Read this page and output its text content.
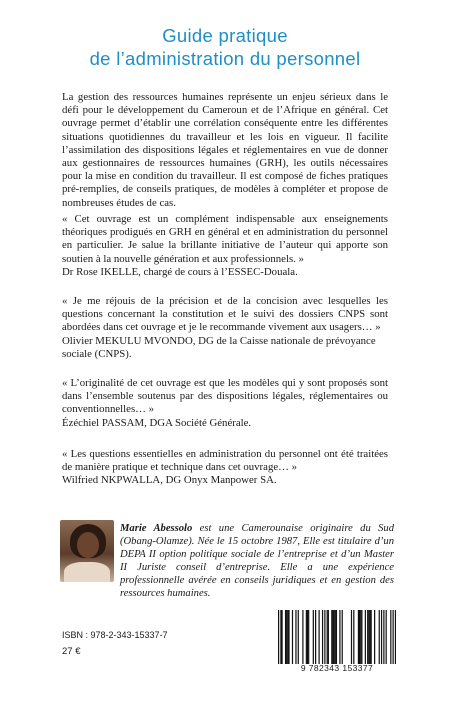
Guide pratique
de l’administration du personnel

La gestion des ressources humaines représente un enjeu sérieux dans le défi pour le développement du Cameroun et de l’Afrique en général. Cet ouvrage permet d’établir une corrélation conséquente entre les différentes situations quotidiennes du travailleur et les lois en vigueur. Il facilite l’assimilation des dispositions légales et réglementaires en vue de donner aux gestionnaires de ressources humaines (GRH), les outils nécessaires pour la mise en condition du travailleur. Il est composé de fiches pratiques pré-remplies, de conseils pratiques, de modèles à compléter et propose de nombreuses études de cas.

« Cet ouvrage est un complément indispensable aux enseignements théoriques prodigués en GRH en général et en administration du personnel en particulier. Je salue la brillante initiative de l’auteur qui apporte son soutien à la nouvelle génération et aux professionnels. »

Dr Rose IKELLE, chargé de cours à l’ESSEC-Douala.

« Je me réjouis de la précision et de la concision avec lesquelles les questions concernant la constitution et le suivi des dossiers CNPS sont abordées dans cet ouvrage et je le recommande vivement aux usagers… »

Olivier MEKULU MVONDO, DG de la Caisse nationale de prévoyance sociale (CNPS).

« L’originalité de cet ouvrage est que les modèles qui y sont proposés sont dans l’ensemble soutenus par des dispositions légales, réglementaires ou conventionnelles… »

Ézéchiel PASSAM, DGA Société Générale.

« Les questions essentielles en administration du personnel ont été traitées de manière pratique et technique dans cet ouvrage… »

Wilfried NKPWALLA, DG Onyx Manpower SA.

Marie Abessolo est une Camerounaise originaire du Sud (Obang-Olamze). Née le 15 octobre 1987, Elle est titulaire d’un DEPA II option politique sociale de l’entreprise et d’un Master II Juriste conseil d’entreprise. Elle a une expérience professionnelle avérée en conseils juridiques et en gestion des ressources humaines.
ISBN : 978-2-343-15337-7
27 €
9 782343 153377
